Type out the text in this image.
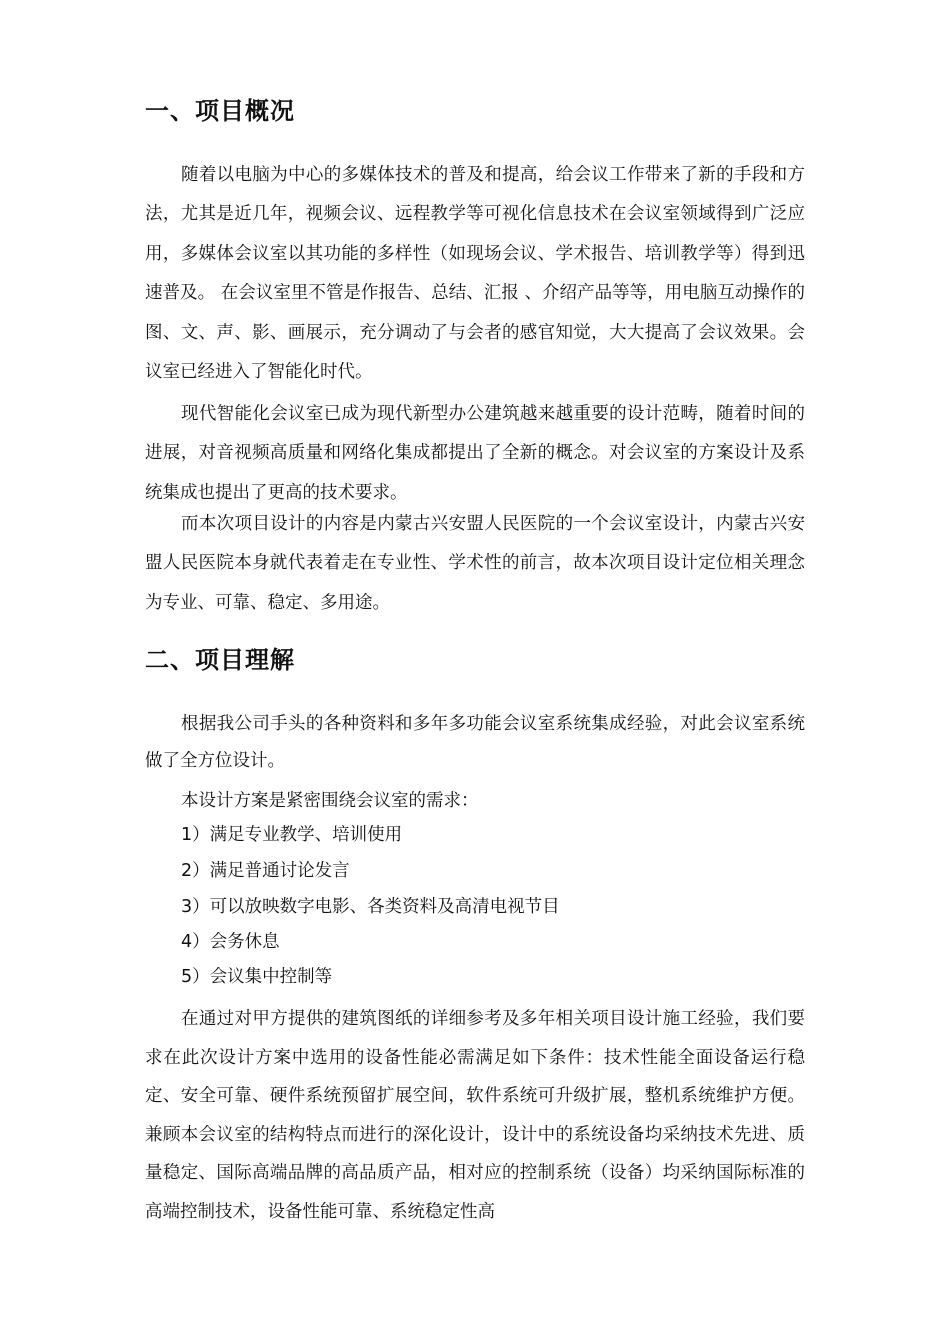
一、项目概况

随着以电脑为中心的多媒体技术的普及和提高，给会议工作带来了新的手段和方法，尤其是近几年，视频会议、远程教学等可视化信息技术在会议室领域得到广泛应用，多媒体会议室以其功能的多样性（如现场会议、学术报告、培训教学等）得到迅速普及。 在会议室里不管是作报告、总结、汇报 、介绍产品等等，用电脑互动操作的图、文、声、影、画展示，充分调动了与会者的感官知觉，大大提高了会议效果。会议室已经进入了智能化时代。

现代智能化会议室已成为现代新型办公建筑越来越重要的设计范畴，随着时间的进展，对音视频高质量和网络化集成都提出了全新的概念。对会议室的方案设计及系统集成也提出了更高的技术要求。

而本次项目设计的内容是内蒙古兴安盟人民医院的一个会议室设计，内蒙古兴安盟人民医院本身就代表着走在专业性、学术性的前言，故本次项目设计定位相关理念为专业、可靠、稳定、多用途。

二、项目理解

根据我公司手头的各种资料和多年多功能会议室系统集成经验，对此会议室系统做了全方位设计。

本设计方案是紧密围绕会议室的需求：

1）满足专业教学、培训使用

2）满足普通讨论发言

3）可以放映数字电影、各类资料及高清电视节目

4）会务休息

5）会议集中控制等

在通过对甲方提供的建筑图纸的详细参考及多年相关项目设计施工经验，我们要求在此次设计方案中选用的设备性能必需满足如下条件：技术性能全面设备运行稳定、安全可靠、硬件系统预留扩展空间，软件系统可升级扩展，整机系统维护方便。兼顾本会议室的结构特点而进行的深化设计，设计中的系统设备均采纳技术先进、质量稳定、国际高端品牌的高品质产品，相对应的控制系统（设备）均采纳国际标准的高端控制技术，设备性能可靠、系统稳定性高
